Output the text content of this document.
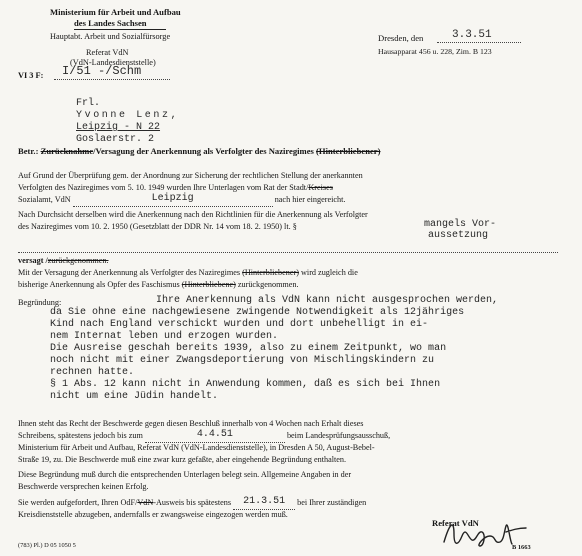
Ministerium für Arbeit und Aufbau
des Landes Sachsen
Hauptabt. Arbeit und Sozialfürsorge
Referat VdN
(VdN-Landesdienststelle)
VI 3 F: I/51 -/Schm
Dresden, den	3.3.51
Hausapparat 456 u. 228, Zim. B 123
Frl.
Yvonne Lenz,
Leipzig - N 22
Goslaerstr. 2
Betr.: Zurücknahme/Versagung der Anerkennung als Verfolgter des Naziregimes (Hinterbliebener)
Auf Grund der Überprüfung gem. der Anordnung zur Sicherung der rechtlichen Stellung der anerkannten
Verfolgten des Naziregimes vom 5. 10. 1949 wurden Ihre Unterlagen vom Rat der Stadt/Kreises
Sozialamt, VdN	Leipzig	nach hier eingereicht.
Nach Durchsicht derselben wird die Anerkennung nach den Richtlinien für die Anerkennung als Verfolgter
des Naziregimes vom 10. 2. 1950 (Gesetzblatt der DDR Nr. 14 vom 18. 2. 1950) lt. §	mangels Vor-
aussetzung
versagt /zurückgenommen.
Mit der Versagung der Anerkennung als Verfolgter des Naziregimes (Hinterbliebener) wird zugleich die
bisherige Anerkennung als Opfer des Faschismus (Hinterbliebene) zurückgenommen.
Begründung:	Ihre Anerkennung als VdN kann nicht ausgesprochen werden,
da Sie ohne eine nachgewiesene zwingende Notwendigkeit als 12jähriges
Kind nach England verschickt wurden und dort unbehelligt in ei-
nem Internat leben und erzogen wurden.
Die Ausreise geschah bereits 1939, also zu einem Zeitpunkt, wo man
noch nicht mit einer Zwangsdeportierung von Mischlingskindern zu
rechnen hatte.
§ 1 Abs. 12 kann nicht in Anwendung kommen, daß es sich bei Ihnen
nicht um eine Jüdin handelt.
Ihnen steht das Recht der Beschwerde gegen diesen Beschluß innerhalb von 4 Wochen nach Erhalt dieses
Schreibens, spätestens jedoch bis zum	4.4.51	beim Landesprüfungsausschuß,
Ministerium für Arbeit und Aufbau, Referat VdN (VdN-Landesdienststelle), in Dresden A 50, August-Bebel-
Straße 19, zu. Die Beschwerde muß eine zwar kurz gefaßte, aber eingehende Begründung enthalten.
Diese Begründung muß durch die entsprechenden Unterlagen belegt sein. Allgemeine Angaben in der
Beschwerde versprechen keinen Erfolg.
Sie werden aufgefordert, Ihren OdF/VdN-Ausweis bis spätestens 21.3.51 bei Ihrer zuständigen
Kreisdienststelle abzugeben, andernfalls er zwangsweise eingezogen werden muß.
Referat VdN
(783) Pl.) D 05 1050 5	B 1663
